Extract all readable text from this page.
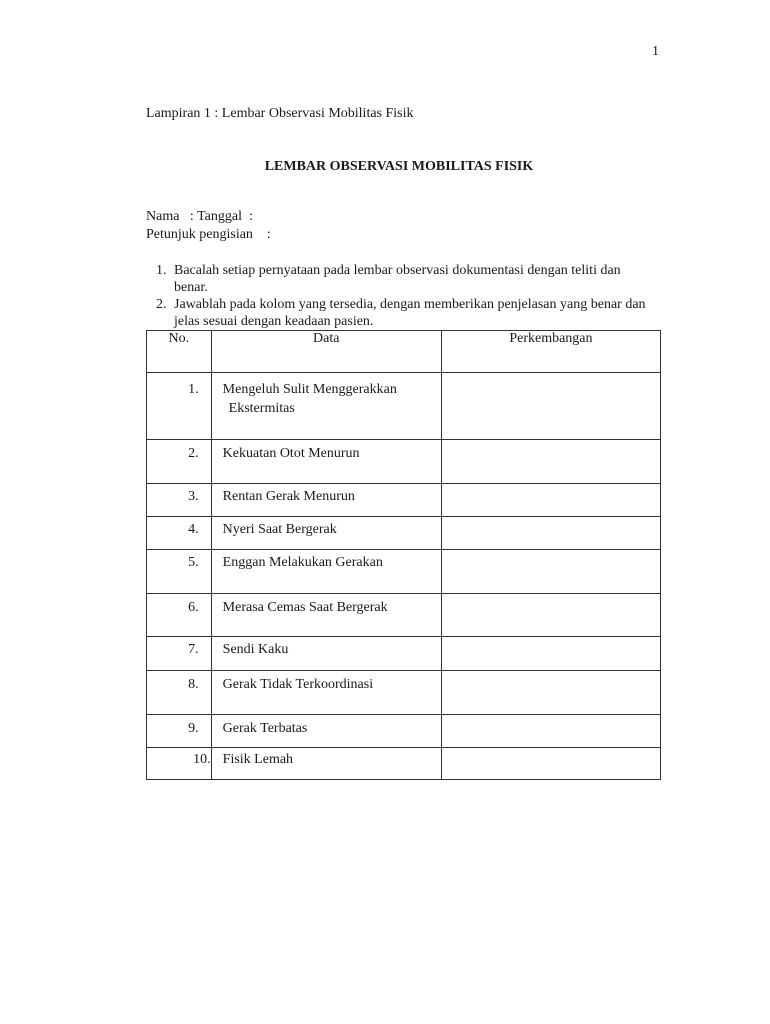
1
Lampiran 1 : Lembar Observasi Mobilitas Fisik
LEMBAR OBSERVASI MOBILITAS FISIK
Nama   : Tanggal  :
Petunjuk pengisian    :
1. Bacalah setiap pernyataan pada lembar observasi dokumentasi dengan teliti dan benar.
2. Jawablah pada kolom yang tersedia, dengan memberikan penjelasan yang benar dan jelas sesuai dengan keadaan pasien.
No.	Data	Perkembangan
1.	Mengeluh Sulit Menggerakkan
Ekstermitas	

2.	Kekuatan Otot Menurun	
3.	Rentan Gerak Menurun	
4.	Nyeri Saat Bergerak	
5.	Enggan Melakukan Gerakan	
6.	Merasa Cemas Saat Bergerak	
7.	Sendi Kaku	
8.	Gerak Tidak Terkoordinasi	
9.	Gerak Terbatas	
10.	Fisik Lemah	
